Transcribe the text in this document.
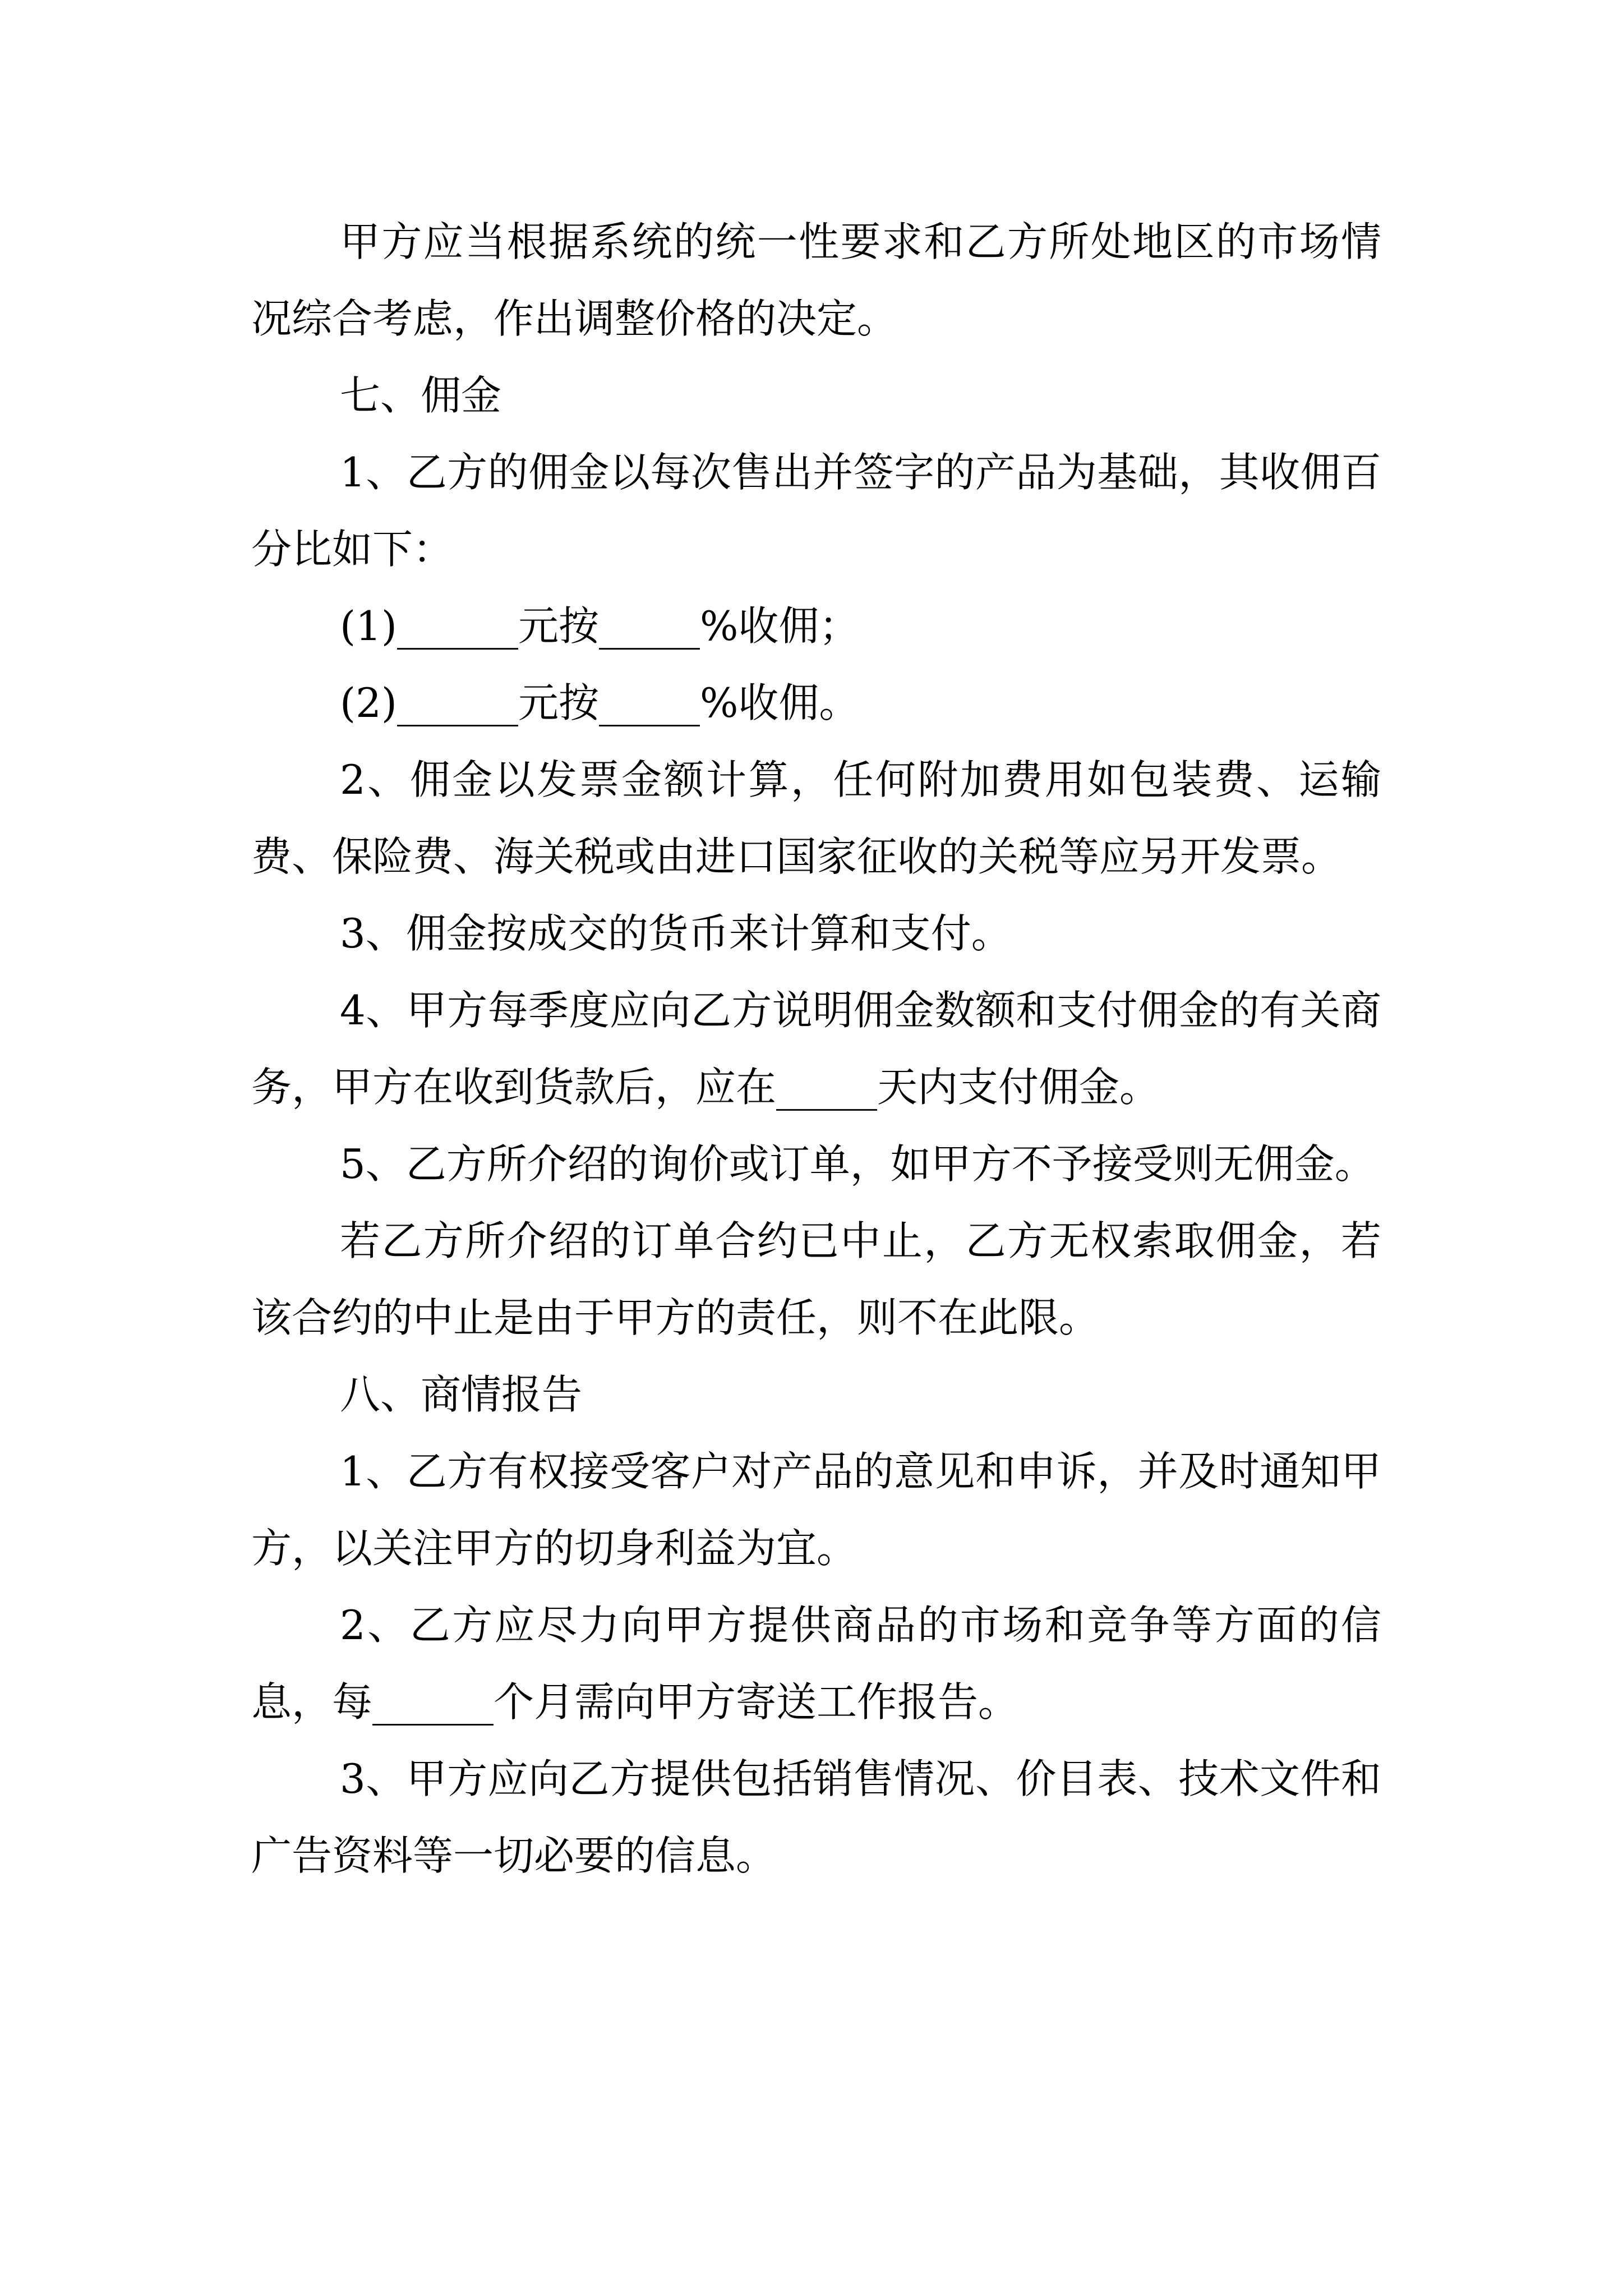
甲方应当根据系统的统一性要求和乙方所处地区的市场情况综合考虑，作出调整价格的决定。

七、佣金

1、乙方的佣金以每次售出并签字的产品为基础，其收佣百分比如下：

(1)______元按_____%收佣；

(2)______元按_____%收佣。

2、佣金以发票金额计算，任何附加费用如包装费、运输费、保险费、海关税或由进口国家征收的关税等应另开发票。

3、佣金按成交的货币来计算和支付。

4、甲方每季度应向乙方说明佣金数额和支付佣金的有关商务，甲方在收到货款后，应在_____天内支付佣金。

5、乙方所介绍的询价或订单，如甲方不予接受则无佣金。

若乙方所介绍的订单合约已中止，乙方无权索取佣金，若该合约的中止是由于甲方的责任，则不在此限。

八、商情报告

1、乙方有权接受客户对产品的意见和申诉，并及时通知甲方，以关注甲方的切身利益为宜。

2、乙方应尽力向甲方提供商品的市场和竞争等方面的信息，每______个月需向甲方寄送工作报告。

3、甲方应向乙方提供包括销售情况、价目表、技术文件和广告资料等一切必要的信息。
